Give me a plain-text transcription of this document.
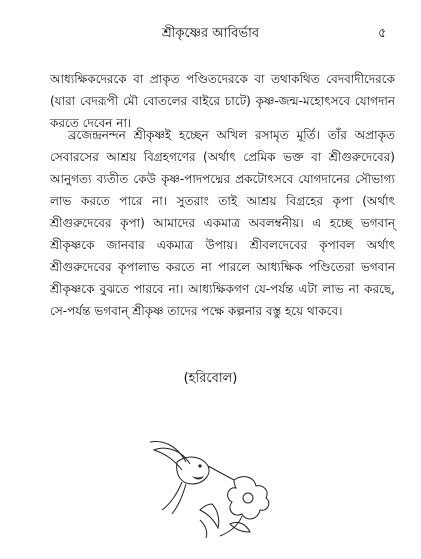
শ্রীকৃষ্ণের আবির্ভাব	৫

আধ্যক্ষিকদেরকে বা প্রাকৃত পণ্ডিতদেরকে বা তথাকথিত বেদবাদীদেরকে (যারা বেদরূপী মৌ বোতলের বাইরে চাটে) কৃষ্ণ-জন্ম-মহোৎসবে যোগদান করতে দেবেন না।

ব্রজেন্দ্রনন্দন শ্রীকৃষ্ণই হচ্ছেন অখিল রসামৃত মূর্তি। তাঁর অপ্রাকৃত সেবারসের আশ্রয় বিগ্রহগণের (অর্থাৎ প্রেমিক ভক্ত বা শ্রীগুরুদেবের) আনুগত্য ব্যতীত কেউ কৃষ্ণ-পাদপদ্মের প্রকটোৎসবে যোগদানের সৌভাগ্য লাভ করতে পারে না। সুতরাং তাই আশ্রয় বিগ্রহের কৃপা (অর্থাৎ শ্রীগুরুদেবের কৃপা) আমাদের একমাত্র অবলম্বনীয়। এ হচ্ছে ভগবান্ শ্রীকৃষ্ণকে জানবার একমাত্র উপায়। শ্রীবলদেবের কৃপাবল অর্থাৎ শ্রীগুরুদেবের কৃপালাভ করতে না পারলে আধ্যক্ষিক পণ্ডিতেরা ভগবান শ্রীকৃষ্ণকে বুঝতে পারবে না। আধ্যক্ষিকগণ যে-পর্যন্ত এটা লাভ না করছে, সে-পর্যন্ত ভগবান্ শ্রীকৃষ্ণ তাদের পক্ষে কল্পনার বস্তু হয়ে থাকবে।

(হরিবোল)
